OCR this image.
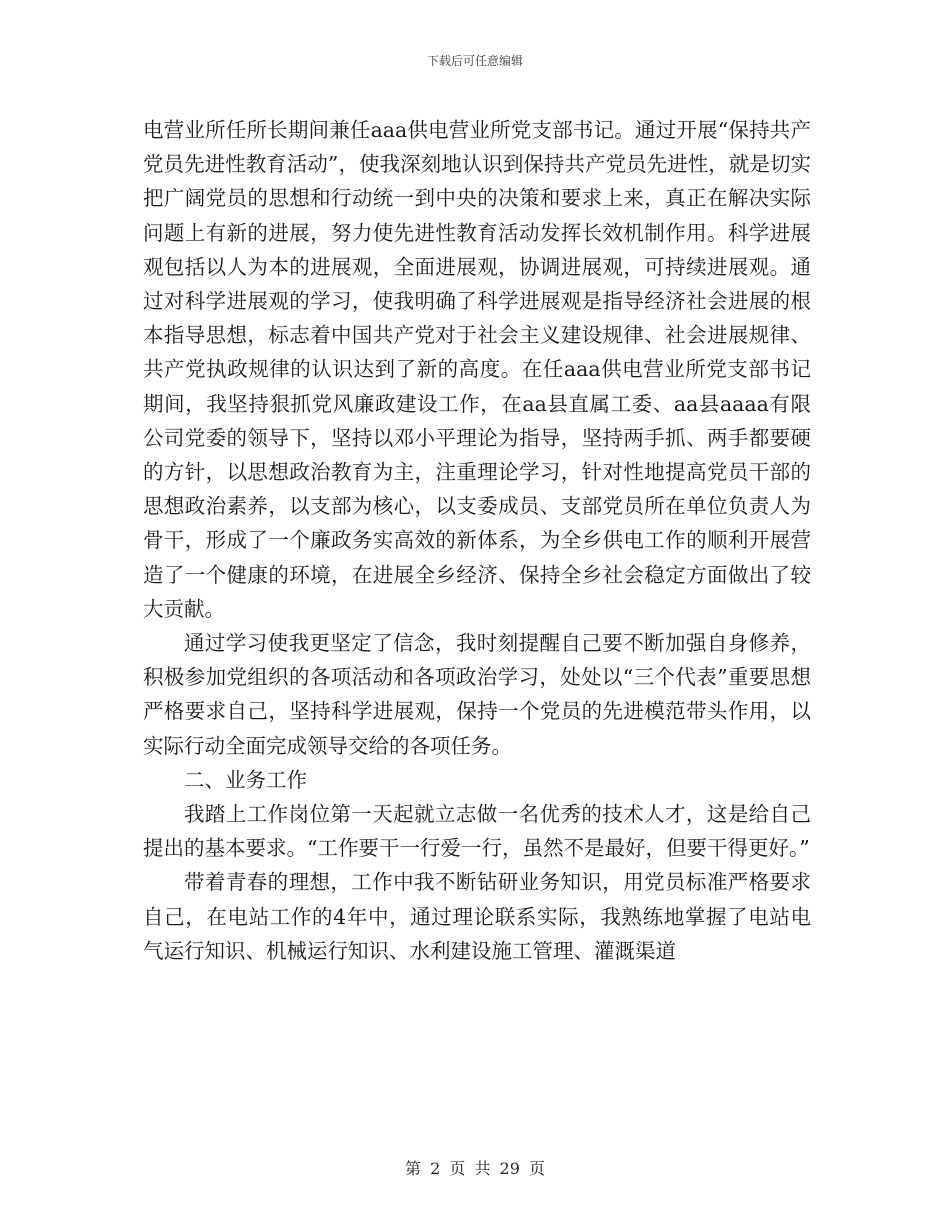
下载后可任意编辑

电营业所任所长期间兼任aaa供电营业所党支部书记。通过开展“保持共产党员先进性教育活动”，使我深刻地认识到保持共产党员先进性，就是切实把广阔党员的思想和行动统一到中央的决策和要求上来，真正在解决实际问题上有新的进展，努力使先进性教育活动发挥长效机制作用。科学进展观包括以人为本的进展观，全面进展观，协调进展观，可持续进展观。通过对科学进展观的学习，使我明确了科学进展观是指导经济社会进展的根本指导思想，标志着中国共产党对于社会主义建设规律、社会进展规律、共产党执政规律的认识达到了新的高度。在任aaa供电营业所党支部书记期间，我坚持狠抓党风廉政建设工作，在aa县直属工委、aa县aaaa有限公司党委的领导下，坚持以邓小平理论为指导，坚持两手抓、两手都要硬的方针，以思想政治教育为主，注重理论学习，针对性地提高党员干部的思想政治素养，以支部为核心，以支委成员、支部党员所在单位负责人为骨干，形成了一个廉政务实高效的新体系，为全乡供电工作的顺利开展营造了一个健康的环境，在进展全乡经济、保持全乡社会稳定方面做出了较大贡献。

通过学习使我更坚定了信念，我时刻提醒自己要不断加强自身修养，积极参加党组织的各项活动和各项政治学习，处处以“三个代表”重要思想严格要求自己，坚持科学进展观，保持一个党员的先进模范带头作用，以实际行动全面完成领导交给的各项任务。

二、业务工作

我踏上工作岗位第一天起就立志做一名优秀的技术人才，这是给自己提出的基本要求。“工作要干一行爱一行，虽然不是最好，但要干得更好。”

带着青春的理想，工作中我不断钻研业务知识，用党员标准严格要求自己，在电站工作的4年中，通过理论联系实际，我熟练地掌握了电站电气运行知识、机械运行知识、水利建设施工管理、灌溉渠道

第 2 页 共 29 页
